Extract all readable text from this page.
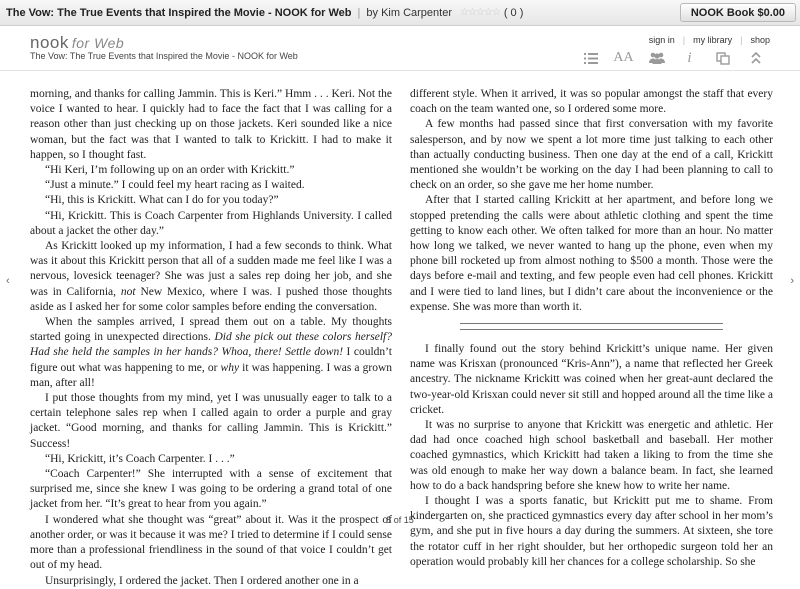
The Vow: The True Events that Inspired the Movie - NOOK for Web | by Kim Carpenter ☆☆☆☆☆ ( 0 )	NOOK Book $0.00
nook for Web
The Vow: The True Events that Inspired the Movie - NOOK for Web
sign in | my library | shop
AA	i
‹	›

morning, and thanks for calling Jammin. This is Keri.” Hmm . . . Keri. Not the voice I wanted to hear. I quickly had to face the fact that I was calling for a reason other than just checking up on those jackets. Keri sounded like a nice woman, but the fact was that I wanted to talk to Krickitt. I had to make it happen, so I thought fast.

“Hi Keri, I’m following up on an order with Krickitt.”

“Just a minute.” I could feel my heart racing as I waited.

“Hi, this is Krickitt. What can I do for you today?”

“Hi, Krickitt. This is Coach Carpenter from Highlands University. I called about a jacket the other day.”

As Krickitt looked up my information, I had a few seconds to think. What was it about this Krickitt person that all of a sudden made me feel like I was a nervous, lovesick teenager? She was just a sales rep doing her job, and she was in California, not New Mexico, where I was. I pushed those thoughts aside as I asked her for some color samples before ending the conversation.

When the samples arrived, I spread them out on a table. My thoughts started going in unexpected directions. Did she pick out these colors herself? Had she held the samples in her hands? Whoa, there! Settle down! I couldn’t figure out what was happening to me, or why it was happening. I was a grown man, after all!

I put those thoughts from my mind, yet I was unusually eager to talk to a certain telephone sales rep when I called again to order a purple and gray jacket. “Good morning, and thanks for calling Jammin. This is Krickitt.” Success!

“Hi, Krickitt, it’s Coach Carpenter. I . . .”

“Coach Carpenter!” She interrupted with a sense of excitement that surprised me, since she knew I was going to be ordering a grand total of one jacket from her. “It’s great to hear from you again.”

I wondered what she thought was “great” about it. Was it the prospect of another order, or was it because it was me? I tried to determine if I could sense more than a professional friendliness in the sound of that voice I couldn’t get out of my head.

Unsurprisingly, I ordered the jacket. Then I ordered another one in a

different style. When it arrived, it was so popular amongst the staff that every coach on the team wanted one, so I ordered some more.

A few months had passed since that first conversation with my favorite salesperson, and by now we spent a lot more time just talking to each other than actually conducting business. Then one day at the end of a call, Krickitt mentioned she wouldn’t be working on the day I had been planning to call to check on an order, so she gave me her home number.

After that I started calling Krickitt at her apartment, and before long we stopped pretending the calls were about athletic clothing and spent the time getting to know each other. We often talked for more than an hour. No matter how long we talked, we never wanted to hang up the phone, even when my phone bill rocketed up from almost nothing to $500 a month. Those were the days before e-mail and texting, and few people even had cell phones. Krickitt and I were tied to land lines, but I didn’t care about the inconvenience or the expense. She was more than worth it.

I finally found out the story behind Krickitt’s unique name. Her given name was Krisxan (pronounced “Kris-Ann”), a name that reflected her Greek ancestry. The nickname Krickitt was coined when her great-aunt declared the two-year-old Krisxan could never sit still and hopped around all the time like a cricket.

It was no surprise to anyone that Krickitt was energetic and athletic. Her dad had once coached high school basketball and baseball. Her mother coached gymnastics, which Krickitt had taken a liking to from the time she was old enough to make her way down a balance beam. In fact, she learned how to do a back handspring before she knew how to write her name.

I thought I was a sports fanatic, but Krickitt put me to shame. From kindergarten on, she practiced gymnastics every day after school in her mom’s gym, and she put in five hours a day during the summers. At sixteen, she tore the rotator cuff in her right shoulder, but her orthopedic surgeon told her an operation would probably kill her chances for a college scholarship. So she

8 of 15
